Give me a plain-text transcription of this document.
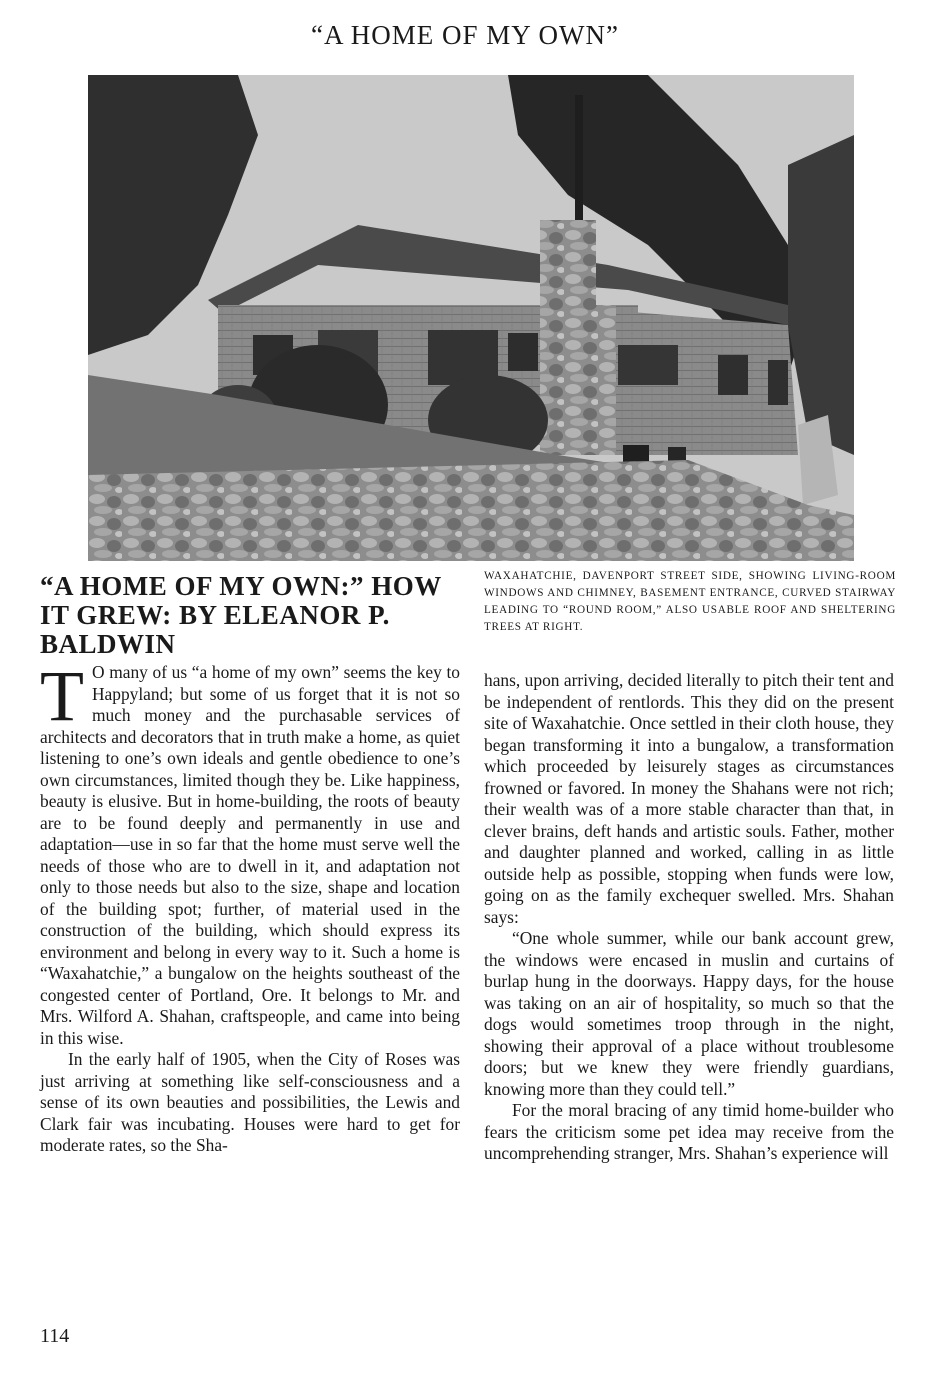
“A HOME OF MY OWN”
“A HOME OF MY OWN:” HOW IT GREW: BY ELEANOR P. BALDWIN

WAXAHATCHIE, DAVENPORT STREET SIDE, SHOWING LIVING-ROOM WINDOWS AND CHIMNEY, BASEMENT ENTRANCE, CURVED STAIRWAY LEADING TO “ROUND ROOM,” ALSO USABLE ROOF AND SHELTERING TREES AT RIGHT.

T O many of us “a home of my own” seems the key to Happyland; but some of us forget that it is not so much money and the purchasable services of architects and decorators that in truth make a home, as quiet listening to one’s own ideals and gentle obedience to one’s own circumstances, limited though they be. Like happiness, beauty is elusive. But in home-building, the roots of beauty are to be found deeply and permanently in use and adaptation—use in so far that the home must serve well the needs of those who are to dwell in it, and adaptation not only to those needs but also to the size, shape and location of the building spot; further, of material used in the construction of the building, which should express its environment and belong in every way to it. Such a home is “Waxahatchie,” a bungalow on the heights southeast of the congested center of Portland, Ore. It belongs to Mr. and Mrs. Wilford A. Shahan, craftspeople, and came into being in this wise.

In the early half of 1905, when the City of Roses was just arriving at something like self-consciousness and a sense of its own beauties and possibilities, the Lewis and Clark fair was incubating. Houses were hard to get for moderate rates, so the Sha-

hans, upon arriving, decided literally to pitch their tent and be independent of rentlords. This they did on the present site of Waxahatchie. Once settled in their cloth house, they began transforming it into a bungalow, a transformation which proceeded by leisurely stages as circumstances frowned or favored. In money the Shahans were not rich; their wealth was of a more stable character than that, in clever brains, deft hands and artistic souls. Father, mother and daughter planned and worked, calling in as little outside help as possible, stopping when funds were low, going on as the family exchequer swelled. Mrs. Shahan says:

“One whole summer, while our bank account grew, the windows were encased in muslin and curtains of burlap hung in the doorways. Happy days, for the house was taking on an air of hospitality, so much so that the dogs would sometimes troop through in the night, showing their approval of a place without troublesome doors; but we knew they were friendly guardians, knowing more than they could tell.”

For the moral bracing of any timid home-builder who fears the criticism some pet idea may receive from the uncomprehending stranger, Mrs. Shahan’s experience will

114
